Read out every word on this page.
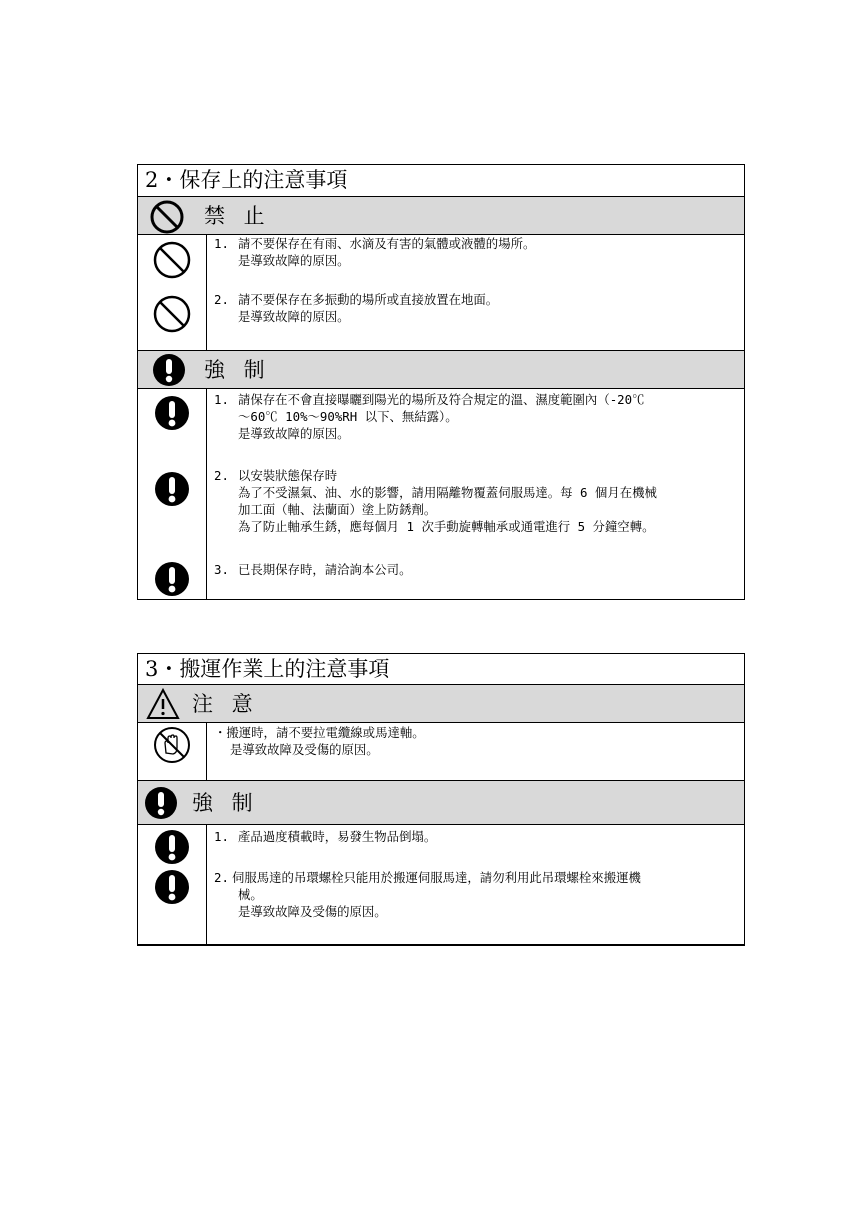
2・保存上的注意事項
禁 止
1. 請不要保存在有雨、水滴及有害的氣體或液體的場所。
是導致故障的原因。
2. 請不要保存在多振動的場所或直接放置在地面。
是導致故障的原因。
強 制
1. 請保存在不會直接曝曬到陽光的場所及符合規定的溫、濕度範圍內（-20℃
～60℃ 10%～90%RH 以下、無結露）。
是導致故障的原因。
2. 以安裝狀態保存時
為了不受濕氣、油、水的影響，請用隔離物覆蓋伺服馬達。每 6 個月在機械
加工面（軸、法蘭面）塗上防銹劑。
為了防止軸承生銹，應每個月 1 次手動旋轉軸承或通電進行 5 分鐘空轉。
3. 已長期保存時，請洽詢本公司。
3・搬運作業上的注意事項
注 意
・搬運時，請不要拉電纜線或馬達軸。
是導致故障及受傷的原因。
強 制
1. 產品過度積載時，易發生物品倒塌。
2. 伺服馬達的吊環螺栓只能用於搬運伺服馬達，請勿利用此吊環螺栓來搬運機
械。
是導致故障及受傷的原因。
